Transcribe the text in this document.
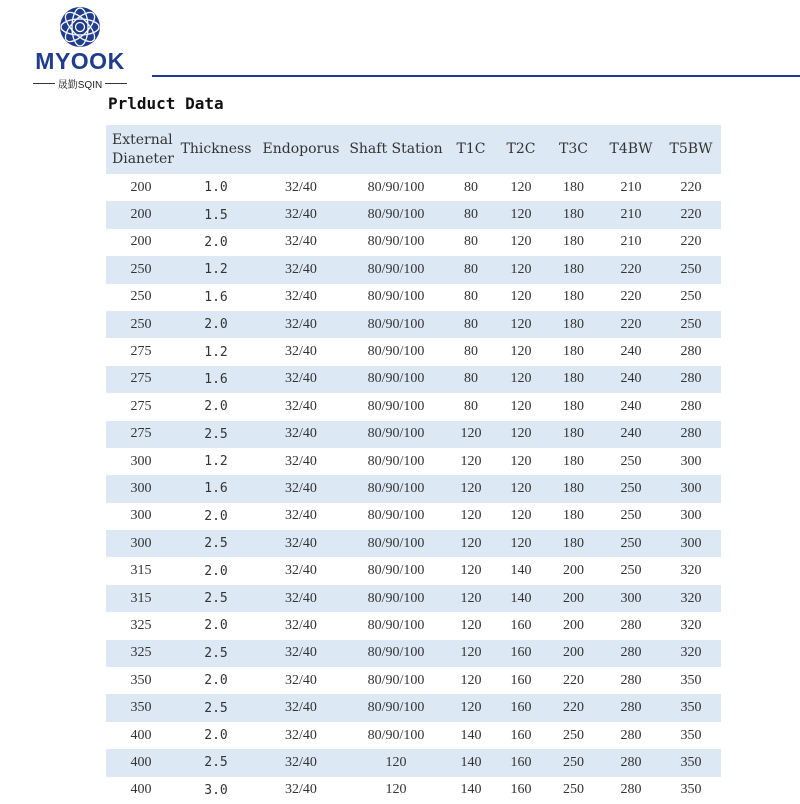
MYOOK
晟勤SQIN
Prlduct Data
External Dianeter	Thickness	Endoporus	Shaft Station	T1C	T2C	T3C	T4BW	T5BW
200	1.0	32/40	80/90/100	80	120	180	210	220
200	1.5	32/40	80/90/100	80	120	180	210	220
200	2.0	32/40	80/90/100	80	120	180	210	220
250	1.2	32/40	80/90/100	80	120	180	220	250
250	1.6	32/40	80/90/100	80	120	180	220	250
250	2.0	32/40	80/90/100	80	120	180	220	250
275	1.2	32/40	80/90/100	80	120	180	240	280
275	1.6	32/40	80/90/100	80	120	180	240	280
275	2.0	32/40	80/90/100	80	120	180	240	280
275	2.5	32/40	80/90/100	120	120	180	240	280
300	1.2	32/40	80/90/100	120	120	180	250	300
300	1.6	32/40	80/90/100	120	120	180	250	300
300	2.0	32/40	80/90/100	120	120	180	250	300
300	2.5	32/40	80/90/100	120	120	180	250	300
315	2.0	32/40	80/90/100	120	140	200	250	320
315	2.5	32/40	80/90/100	120	140	200	300	320
325	2.0	32/40	80/90/100	120	160	200	280	320
325	2.5	32/40	80/90/100	120	160	200	280	320
350	2.0	32/40	80/90/100	120	160	220	280	350
350	2.5	32/40	80/90/100	120	160	220	280	350
400	2.0	32/40	80/90/100	140	160	250	280	350
400	2.5	32/40	120	140	160	250	280	350
400	3.0	32/40	120	140	160	250	280	350
